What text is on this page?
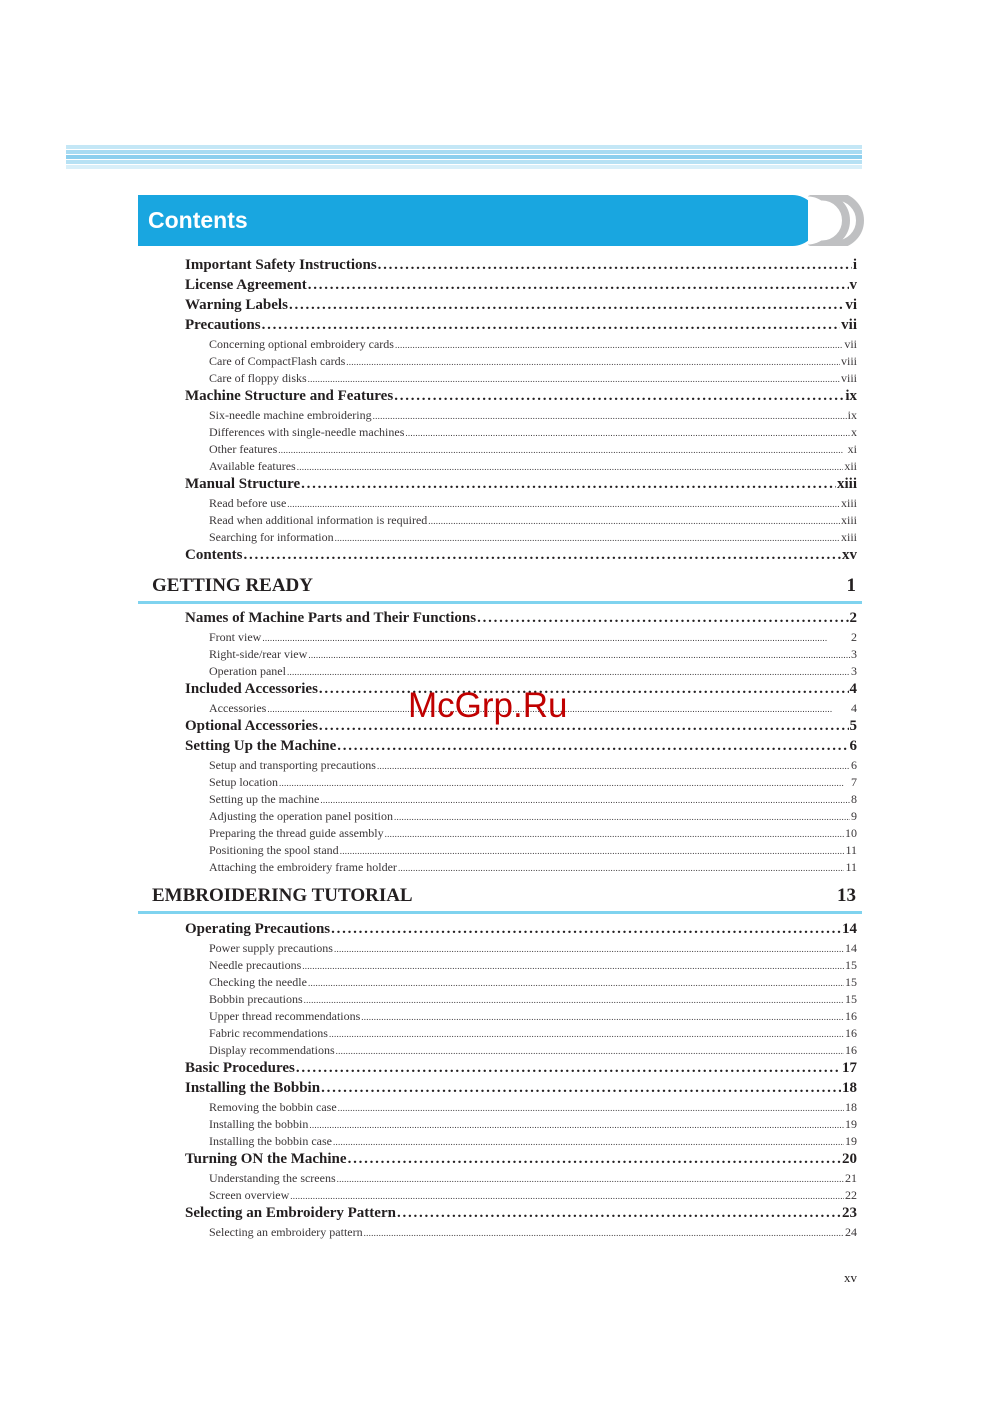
Contents
Important Safety Instructions . . .	i
License Agreement . . .	v
Warning Labels . . .	vi
Precautions . . .	vii
Concerning optional embroidery cards . . .	vii
Care of CompactFlash cards . . .	viii
Care of floppy disks . . .	viii
Machine Structure and Features . . .	ix
Six-needle machine embroidering . . .	ix
Differences with single-needle machines . . .	x
Other features . . .	xi
Available features . . .	xii
Manual Structure . . .	xiii
Read before use . . .	xiii
Read when additional information is required . . .	xiii
Searching for information . . .	xiii
Contents . . .	xv
GETTING READY	1
Names of Machine Parts and Their Functions . . .	2
Front view . . .	2
Right-side/rear view . . .	3
Operation panel . . .	3
Included Accessories . . .	4
Accessories . . .	4
Optional Accessories . . .	5
Setting Up the Machine . . .	6
Setup and transporting precautions . . .	6
Setup location . . .	7
Setting up the machine . . .	8
Adjusting the operation panel position . . .	9
Preparing the thread guide assembly . . .	10
Positioning the spool stand . . .	11
Attaching the embroidery frame holder . . .	11
EMBROIDERING TUTORIAL	13
Operating Precautions . . .	14
Power supply precautions . . .	14
Needle precautions . . .	15
Checking the needle . . .	15
Bobbin precautions . . .	15
Upper thread recommendations . . .	16
Fabric recommendations . . .	16
Display recommendations . . .	16
Basic Procedures . . .	17
Installing the Bobbin . . .	18
Removing the bobbin case . . .	18
Installing the bobbin . . .	19
Installing the bobbin case . . .	19
Turning ON the Machine . . .	20
Understanding the screens . . .	21
Screen overview . . .	22
Selecting an Embroidery Pattern . . .	23
Selecting an embroidery pattern . . .	24
McGrp.Ru
xv
